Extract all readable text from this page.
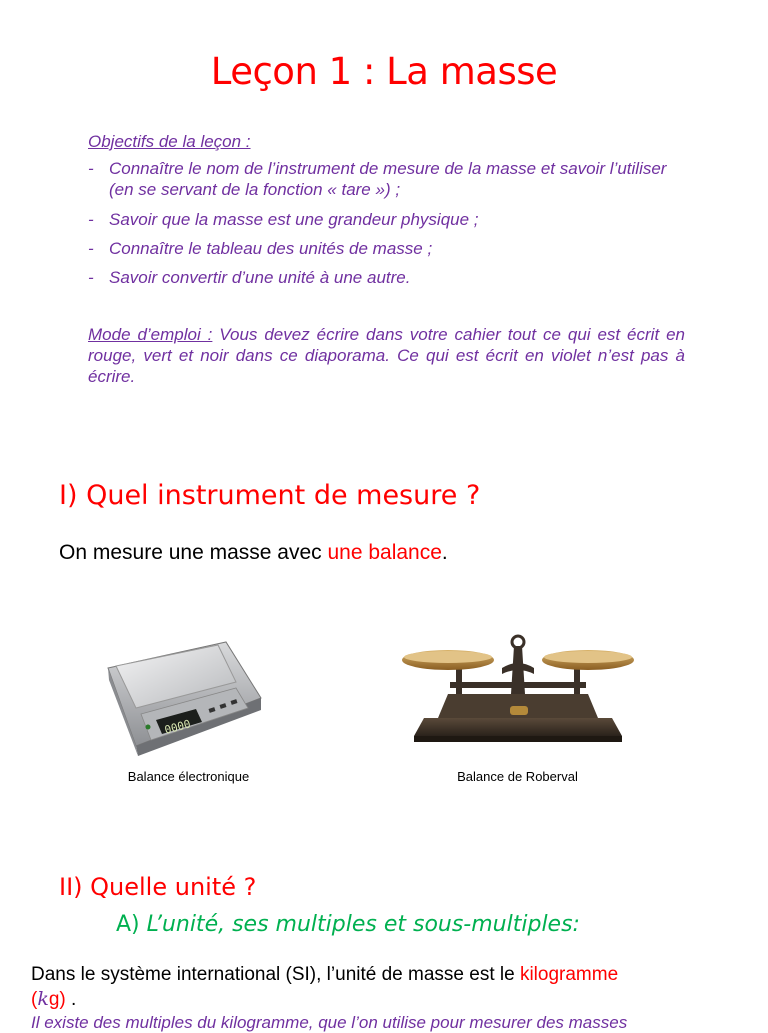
Leçon 1 : La masse
Objectifs de la leçon :
- Connaître le nom de l’instrument de mesure de la masse et savoir l’utiliser (en se servant de la fonction « tare ») ;
- Savoir que la masse est une grandeur physique ;
- Connaître le tableau des unités de masse ;
- Savoir convertir d’une unité à une autre.
Mode d’emploi : Vous devez écrire dans votre cahier tout ce qui est écrit en rouge, vert et noir dans ce diaporama. Ce qui est écrit en violet n’est pas à écrire.
I) Quel instrument de mesure ?
On mesure une masse avec une balance.
0000
Balance électronique	Balance de Roberval
II) Quelle unité ?
A) L’unité, ses multiples et sous-multiples:
Dans le système international (SI), l’unité de masse est le kilogramme
(kg) .
Il existe des multiples du kilogramme, que l’on utilise pour mesurer des masses
